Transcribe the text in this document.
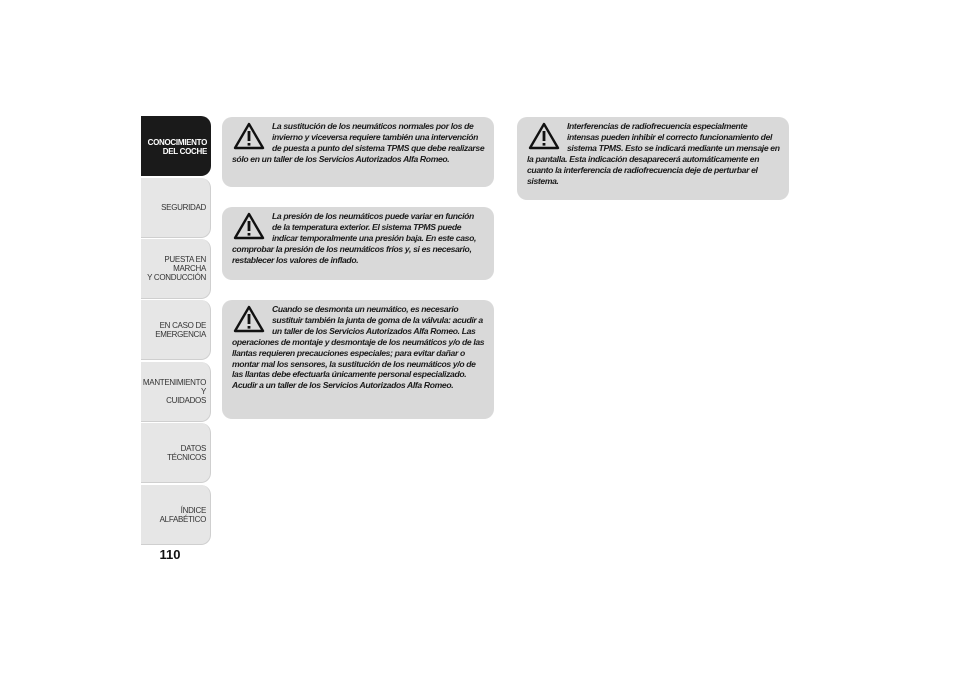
CONOCIMIENTO
DEL COCHE
SEGURIDAD
PUESTA EN MARCHA
Y CONDUCCIÓN
EN CASO DE
EMERGENCIA
MANTENIMIENTO Y
CUIDADOS
DATOS TÉCNICOS
ÍNDICE ALFABÉTICO
110

La sustitución de los neumáticos normales por los de invierno y viceversa requiere también una intervención de puesta a punto del sistema TPMS que debe realizarse sólo en un taller de los Servicios Autorizados Alfa Romeo.

La presión de los neumáticos puede variar en función de la temperatura exterior. El sistema TPMS puede indicar temporalmente una presión baja. En este caso, comprobar la presión de los neumáticos fríos y, si es necesario, restablecer los valores de inflado.

Cuando se desmonta un neumático, es necesario sustituir también la junta de goma de la válvula: acudir a un taller de los Servicios Autorizados Alfa Romeo. Las operaciones de montaje y desmontaje de los neumáticos y/o de las llantas requieren precauciones especiales; para evitar dañar o montar mal los sensores, la sustitución de los neumáticos y/o de las llantas debe efectuarla únicamente personal especializado. Acudir a un taller de los Servicios Autorizados Alfa Romeo.

Interferencias de radiofrecuencia especialmente intensas pueden inhibir el correcto funcionamiento del sistema TPMS. Esto se indicará mediante un mensaje en la pantalla. Esta indicación desaparecerá automáticamente en cuanto la interferencia de radiofrecuencia deje de perturbar el sistema.
